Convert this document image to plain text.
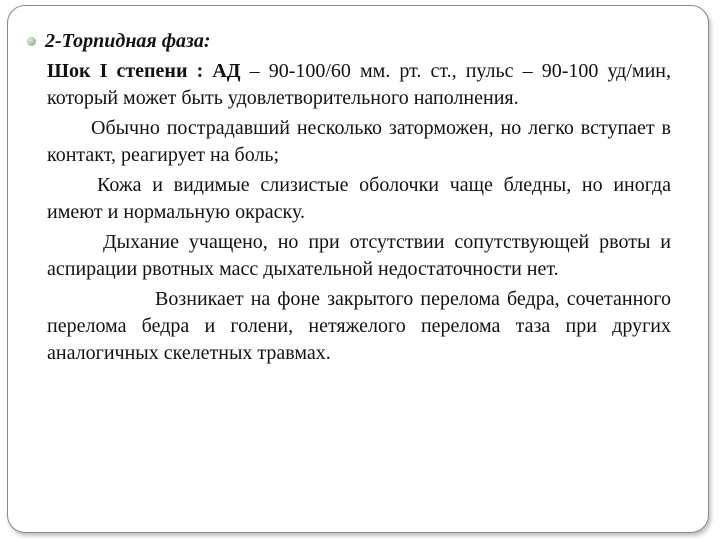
2-Торпидная фаза:

Шок I степени : АД – 90-100/60 мм. рт. ст., пульс – 90-100 уд/мин, который может быть удовлетворительного наполнения.

Обычно пострадавший несколько заторможен, но легко вступает в контакт, реагирует на боль;

Кожа и видимые слизистые оболочки чаще бледны, но иногда имеют и нормальную окраску.

Дыхание учащено, но при отсутствии сопутствующей рвоты и аспирации рвотных масс дыхательной недостаточности нет.

Возникает на фоне закрытого перелома бедра, сочетанного перелома бедра и голени, нетяжелого перелома таза при других аналогичных скелетных травмах.
